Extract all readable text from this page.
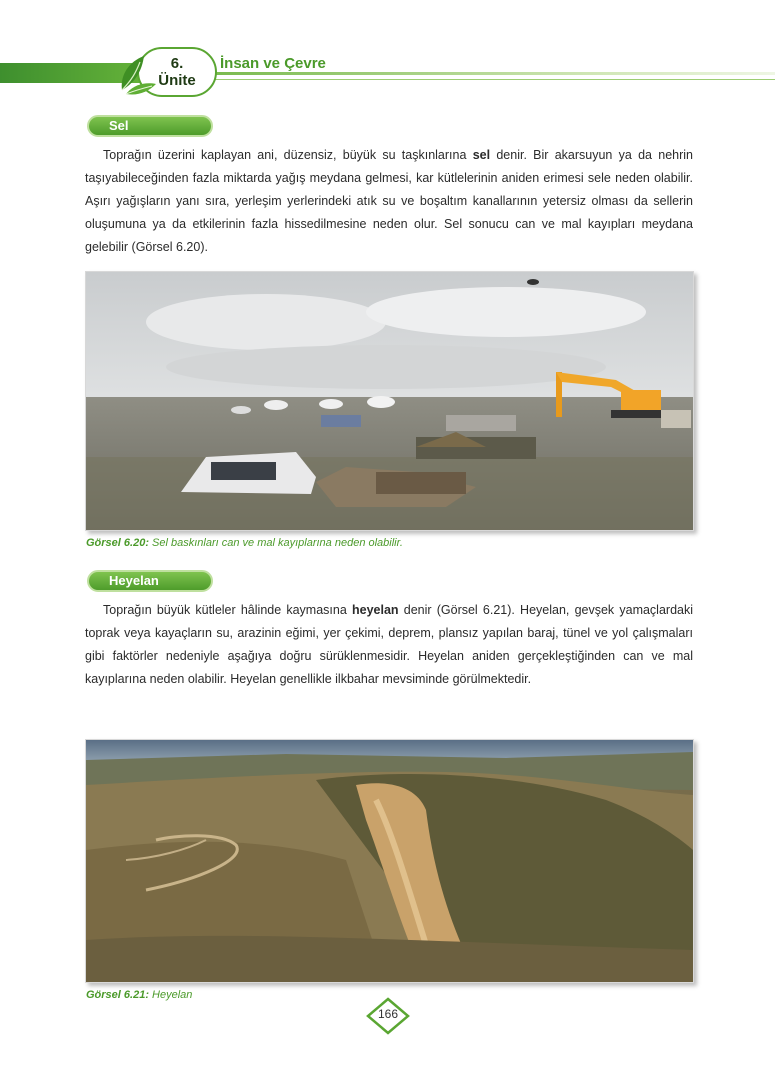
6.
Ünite
İnsan ve Çevre
Sel

Toprağın üzerini kaplayan ani, düzensiz, büyük su taşkınlarına sel denir. Bir akarsuyun ya da nehrin taşıyabileceğinden fazla miktarda yağış meydana gelmesi, kar kütlelerinin aniden erimesi sele neden olabilir. Aşırı yağışların yanı sıra, yerleşim yerlerindeki atık su ve boşaltım kanallarının yetersiz olması da sellerin oluşumuna ya da etkilerinin fazla hissedilmesine neden olur. Sel sonucu can ve mal kayıpları meydana gelebilir (Görsel 6.20).

Görsel 6.20: Sel baskınları can ve mal kayıplarına neden olabilir.
Heyelan

Toprağın büyük kütleler hâlinde kaymasına heyelan denir (Görsel 6.21). Heyelan, gevşek yamaçlardaki toprak veya kayaçların su, arazinin eğimi, yer çekimi, deprem, plansız yapılan baraj, tünel ve yol çalışmaları gibi faktörler nedeniyle aşağıya doğru sürüklenmesidir. Heyelan aniden gerçekleştiğinden can ve mal kayıplarına neden olabilir. Heyelan genellikle ilkbahar mevsiminde görülmektedir.

Görsel 6.21: Heyelan
166
